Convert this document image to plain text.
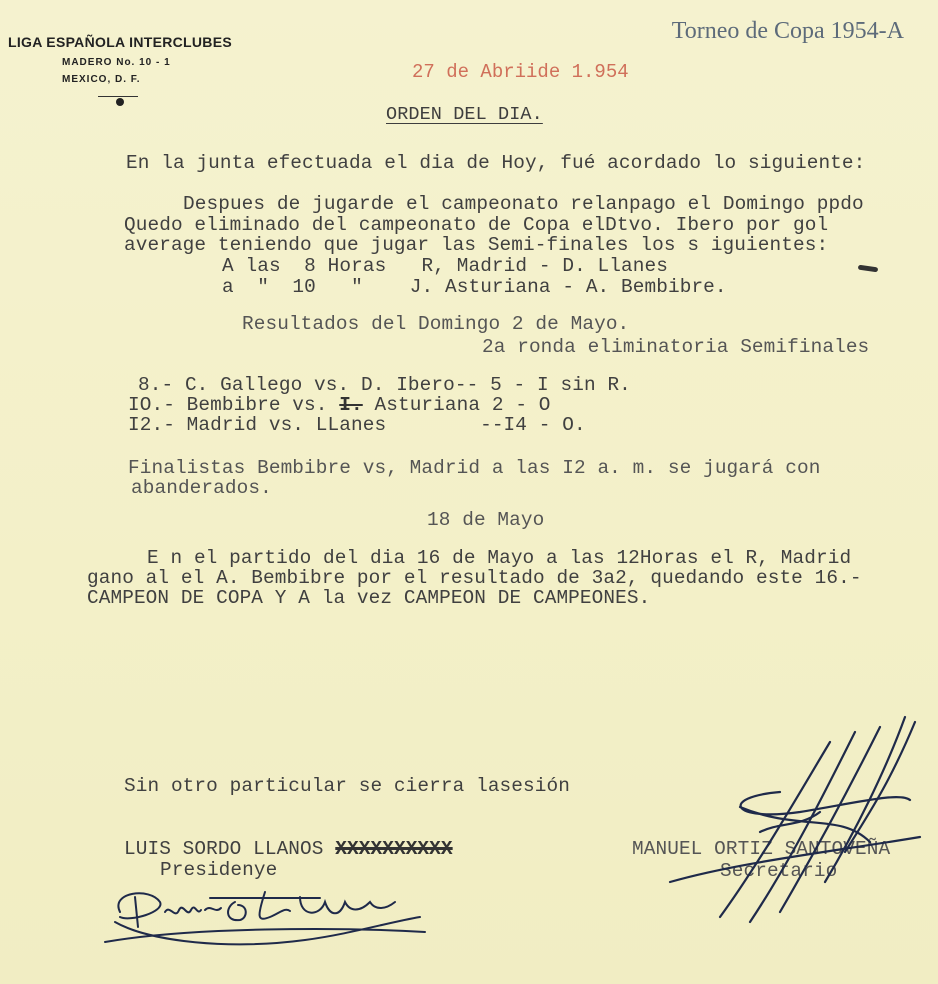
Torneo de Copa 1954-A
LIGA ESPAÑOLA INTERCLUBES
MADERO No. 10 - 1
MEXICO, D. F.	27 de Abriide 1.954
ORDEN DEL DIA.
En la junta efectuada el dia de Hoy, fué acordado lo siguiente:
Despues de jugarde el campeonato relanpago el Domingo ppdo
Quedo eliminado del campeonato de Copa elDtvo. Ibero por gol
average teniendo que jugar las Semi-finales los s iguientes:
A las  8 Horas   R, Madrid - D. Llanes
a  "  10   "    J. Asturiana - A. Bembibre.
Resultados del Domingo 2 de Mayo.
2a ronda eliminatoria Semifinales
8.- C. Gallego vs. D. Ibero-- 5 - I sin R.
IO.- Bembibre vs. I. Asturiana 2 - O
I2.- Madrid vs. LLanes        --I4 - O.
Finalistas Bembibre vs, Madrid a las I2 a. m. se jugará con
abanderados.
18 de Mayo
E n el partido del dia 16 de Mayo a las 12Horas el R, Madrid
gano al el A. Bembibre por el resultado de 3a2, quedando este 16.-
CAMPEON DE COPA Y A la vez CAMPEON DE CAMPEONES.
Sin otro particular se cierra lasesión
LUIS SORDO LLANOS XXXXXXXXXX
Presidenye
MANUEL ORTIZ SANTOVEÑA
Secretario
